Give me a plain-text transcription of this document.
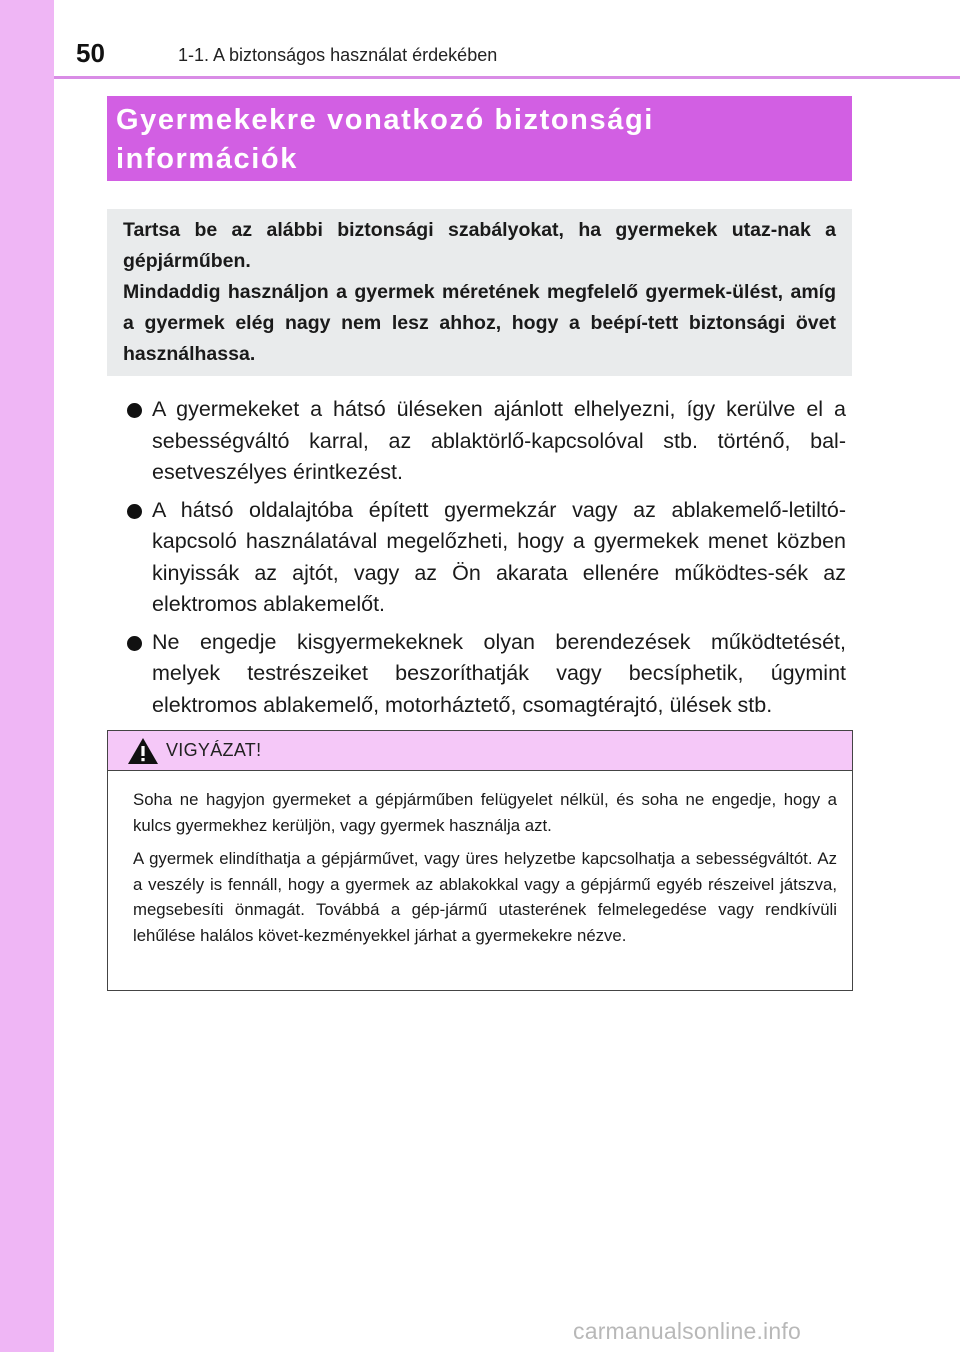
50	1-1. A biztonságos használat érdekében
Gyermekekre vonatkozó biztonsági információk

Tartsa be az alábbi biztonsági szabályokat, ha gyermekek utaz-nak a gépjárműben.

Mindaddig használjon a gyermek méretének megfelelő gyermek-ülést, amíg a gyermek elég nagy nem lesz ahhoz, hogy a beépí-tett biztonsági övet használhassa.

A gyermekeket a hátsó üléseken ajánlott elhelyezni, így kerülve el a sebességváltó karral, az ablaktörlő-kapcsolóval stb. történő, bal-esetveszélyes érintkezést.
A hátsó oldalajtóba épített gyermekzár vagy az ablakemelő-letiltó-kapcsoló használatával megelőzheti, hogy a gyermekek menet közben kinyissák az ajtót, vagy az Ön akarata ellenére működtes-sék az elektromos ablakemelőt.
Ne engedje kisgyermekeknek olyan berendezések működtetését, melyek testrészeiket beszoríthatják vagy becsíphetik, úgymint elektromos ablakemelő, motorháztető, csomagtérajtó, ülések stb.
VIGYÁZAT!

Soha ne hagyjon gyermeket a gépjárműben felügyelet nélkül, és soha ne engedje, hogy a kulcs gyermekhez kerüljön, vagy gyermek használja azt.

A gyermek elindíthatja a gépjárművet, vagy üres helyzetbe kapcsolhatja a sebességváltót. Az a veszély is fennáll, hogy a gyermek az ablakokkal vagy a gépjármű egyéb részeivel játszva, megsebesíti önmagát. Továbbá a gép-jármű utasterének felmelegedése vagy rendkívüli lehűlése halálos követ-kezményekkel járhat a gyermekekre nézve.

carmanualsonline.info
